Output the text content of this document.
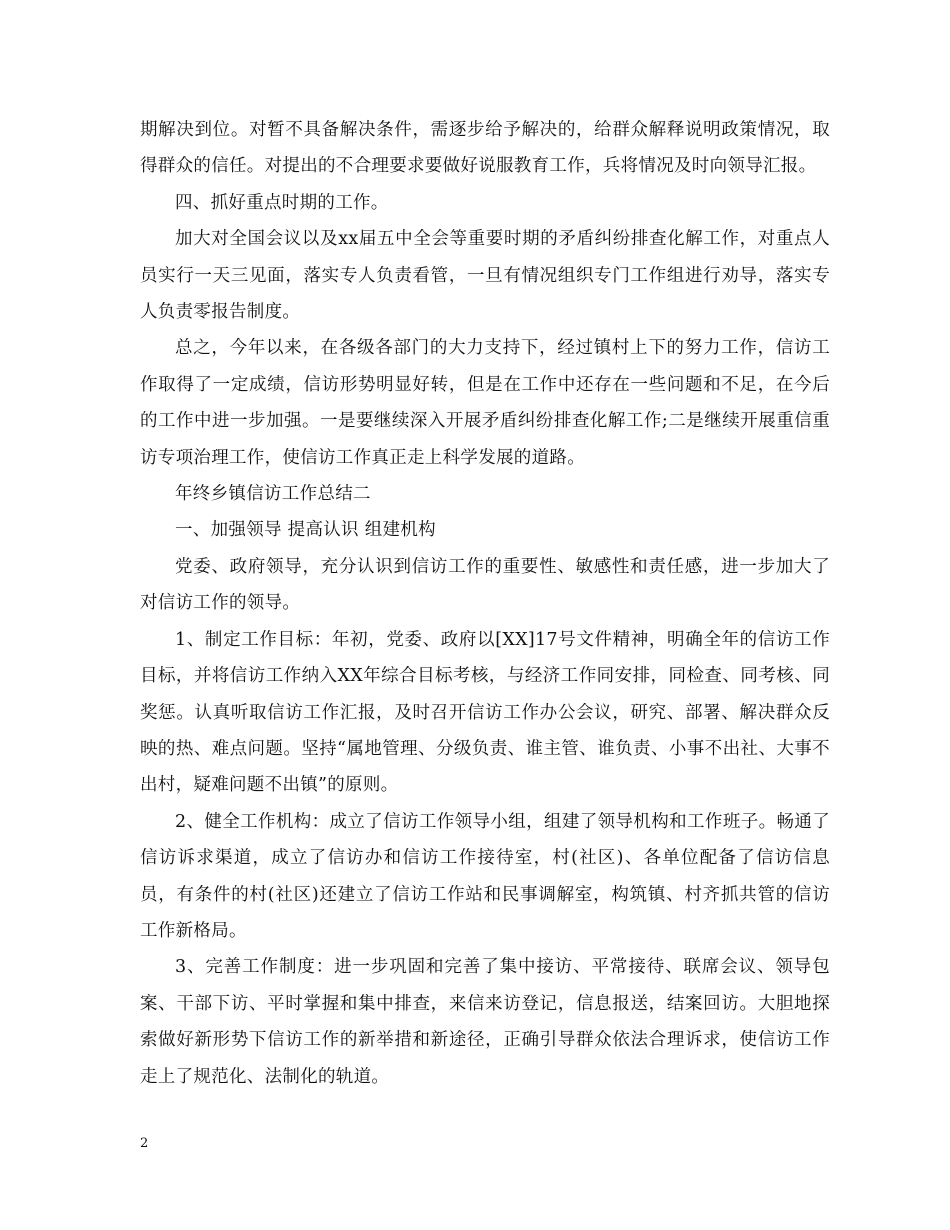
期解决到位。对暂不具备解决条件，需逐步给予解决的，给群众解释说明政策情况，取得群众的信任。对提出的不合理要求要做好说服教育工作，兵将情况及时向领导汇报。

四、抓好重点时期的工作。

加大对全国会议以及xx届五中全会等重要时期的矛盾纠纷排查化解工作，对重点人员实行一天三见面，落实专人负责看管，一旦有情况组织专门工作组进行劝导，落实专人负责零报告制度。

总之，今年以来，在各级各部门的大力支持下，经过镇村上下的努力工作，信访工作取得了一定成绩，信访形势明显好转，但是在工作中还存在一些问题和不足，在今后的工作中进一步加强。一是要继续深入开展矛盾纠纷排查化解工作;二是继续开展重信重访专项治理工作，使信访工作真正走上科学发展的道路。

年终乡镇信访工作总结二

一、加强领导 提高认识 组建机构

党委、政府领导，充分认识到信访工作的重要性、敏感性和责任感，进一步加大了对信访工作的领导。

1、制定工作目标：年初，党委、政府以[XX]17号文件精神，明确全年的信访工作目标，并将信访工作纳入XX年综合目标考核，与经济工作同安排，同检查、同考核、同奖惩。认真听取信访工作汇报，及时召开信访工作办公会议，研究、部署、解决群众反映的热、难点问题。坚持“属地管理、分级负责、谁主管、谁负责、小事不出社、大事不出村，疑难问题不出镇”的原则。

2、健全工作机构：成立了信访工作领导小组，组建了领导机构和工作班子。畅通了信访诉求渠道，成立了信访办和信访工作接待室，村(社区)、各单位配备了信访信息员，有条件的村(社区)还建立了信访工作站和民事调解室，构筑镇、村齐抓共管的信访工作新格局。

3、完善工作制度：进一步巩固和完善了集中接访、平常接待、联席会议、领导包案、干部下访、平时掌握和集中排查，来信来访登记，信息报送，结案回访。大胆地探索做好新形势下信访工作的新举措和新途径，正确引导群众依法合理诉求，使信访工作走上了规范化、法制化的轨道。

2
